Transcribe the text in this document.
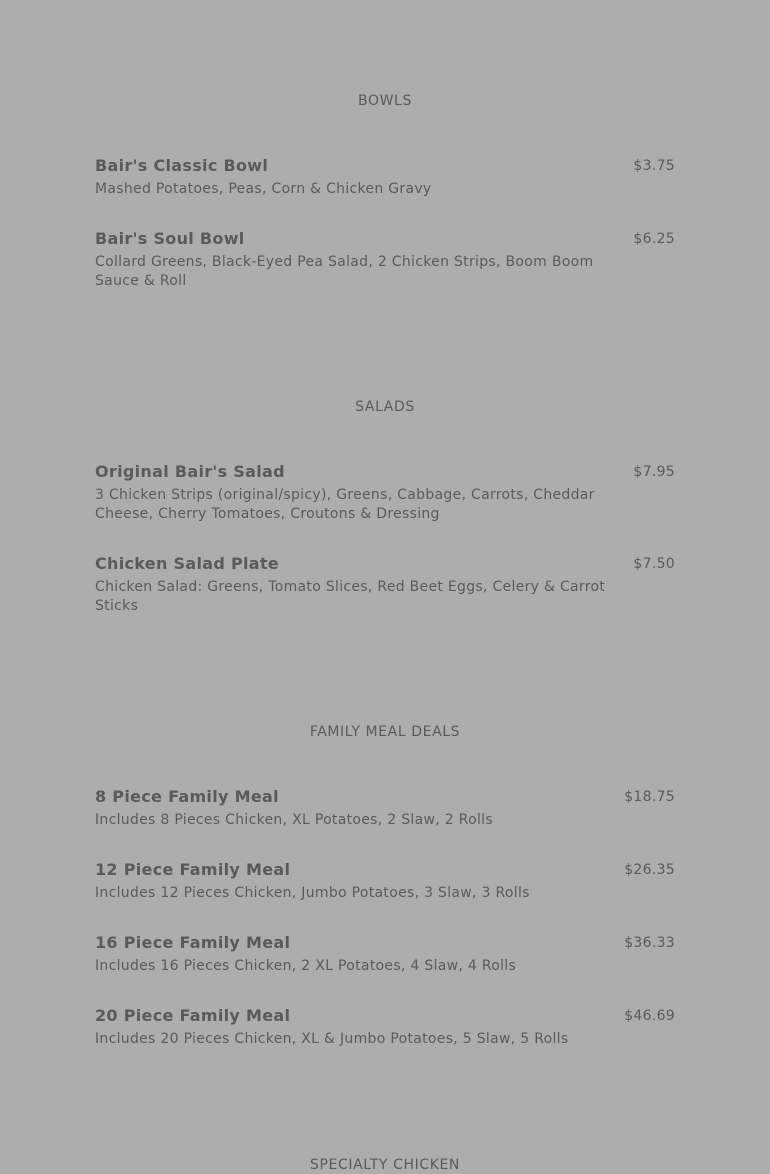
BOWLS
Bair's Classic Bowl
Mashed Potatoes, Peas, Corn & Chicken Gravy
$3.75
Bair's Soul Bowl
Collard Greens, Black-Eyed Pea Salad, 2 Chicken Strips, Boom Boom Sauce & Roll
$6.25
SALADS
Original Bair's Salad
3 Chicken Strips (original/spicy), Greens, Cabbage, Carrots, Cheddar Cheese, Cherry Tomatoes, Croutons & Dressing
$7.95
Chicken Salad Plate
Chicken Salad: Greens, Tomato Slices, Red Beet Eggs, Celery & Carrot Sticks
$7.50
FAMILY MEAL DEALS
8 Piece Family Meal
Includes 8 Pieces Chicken, XL Potatoes, 2 Slaw, 2 Rolls
$18.75
12 Piece Family Meal
Includes 12 Pieces Chicken, Jumbo Potatoes, 3 Slaw, 3 Rolls
$26.35
16 Piece Family Meal
Includes 16 Pieces Chicken, 2 XL Potatoes, 4 Slaw, 4 Rolls
$36.33
20 Piece Family Meal
Includes 20 Pieces Chicken, XL & Jumbo Potatoes, 5 Slaw, 5 Rolls
$46.69
SPECIALTY CHICKEN
